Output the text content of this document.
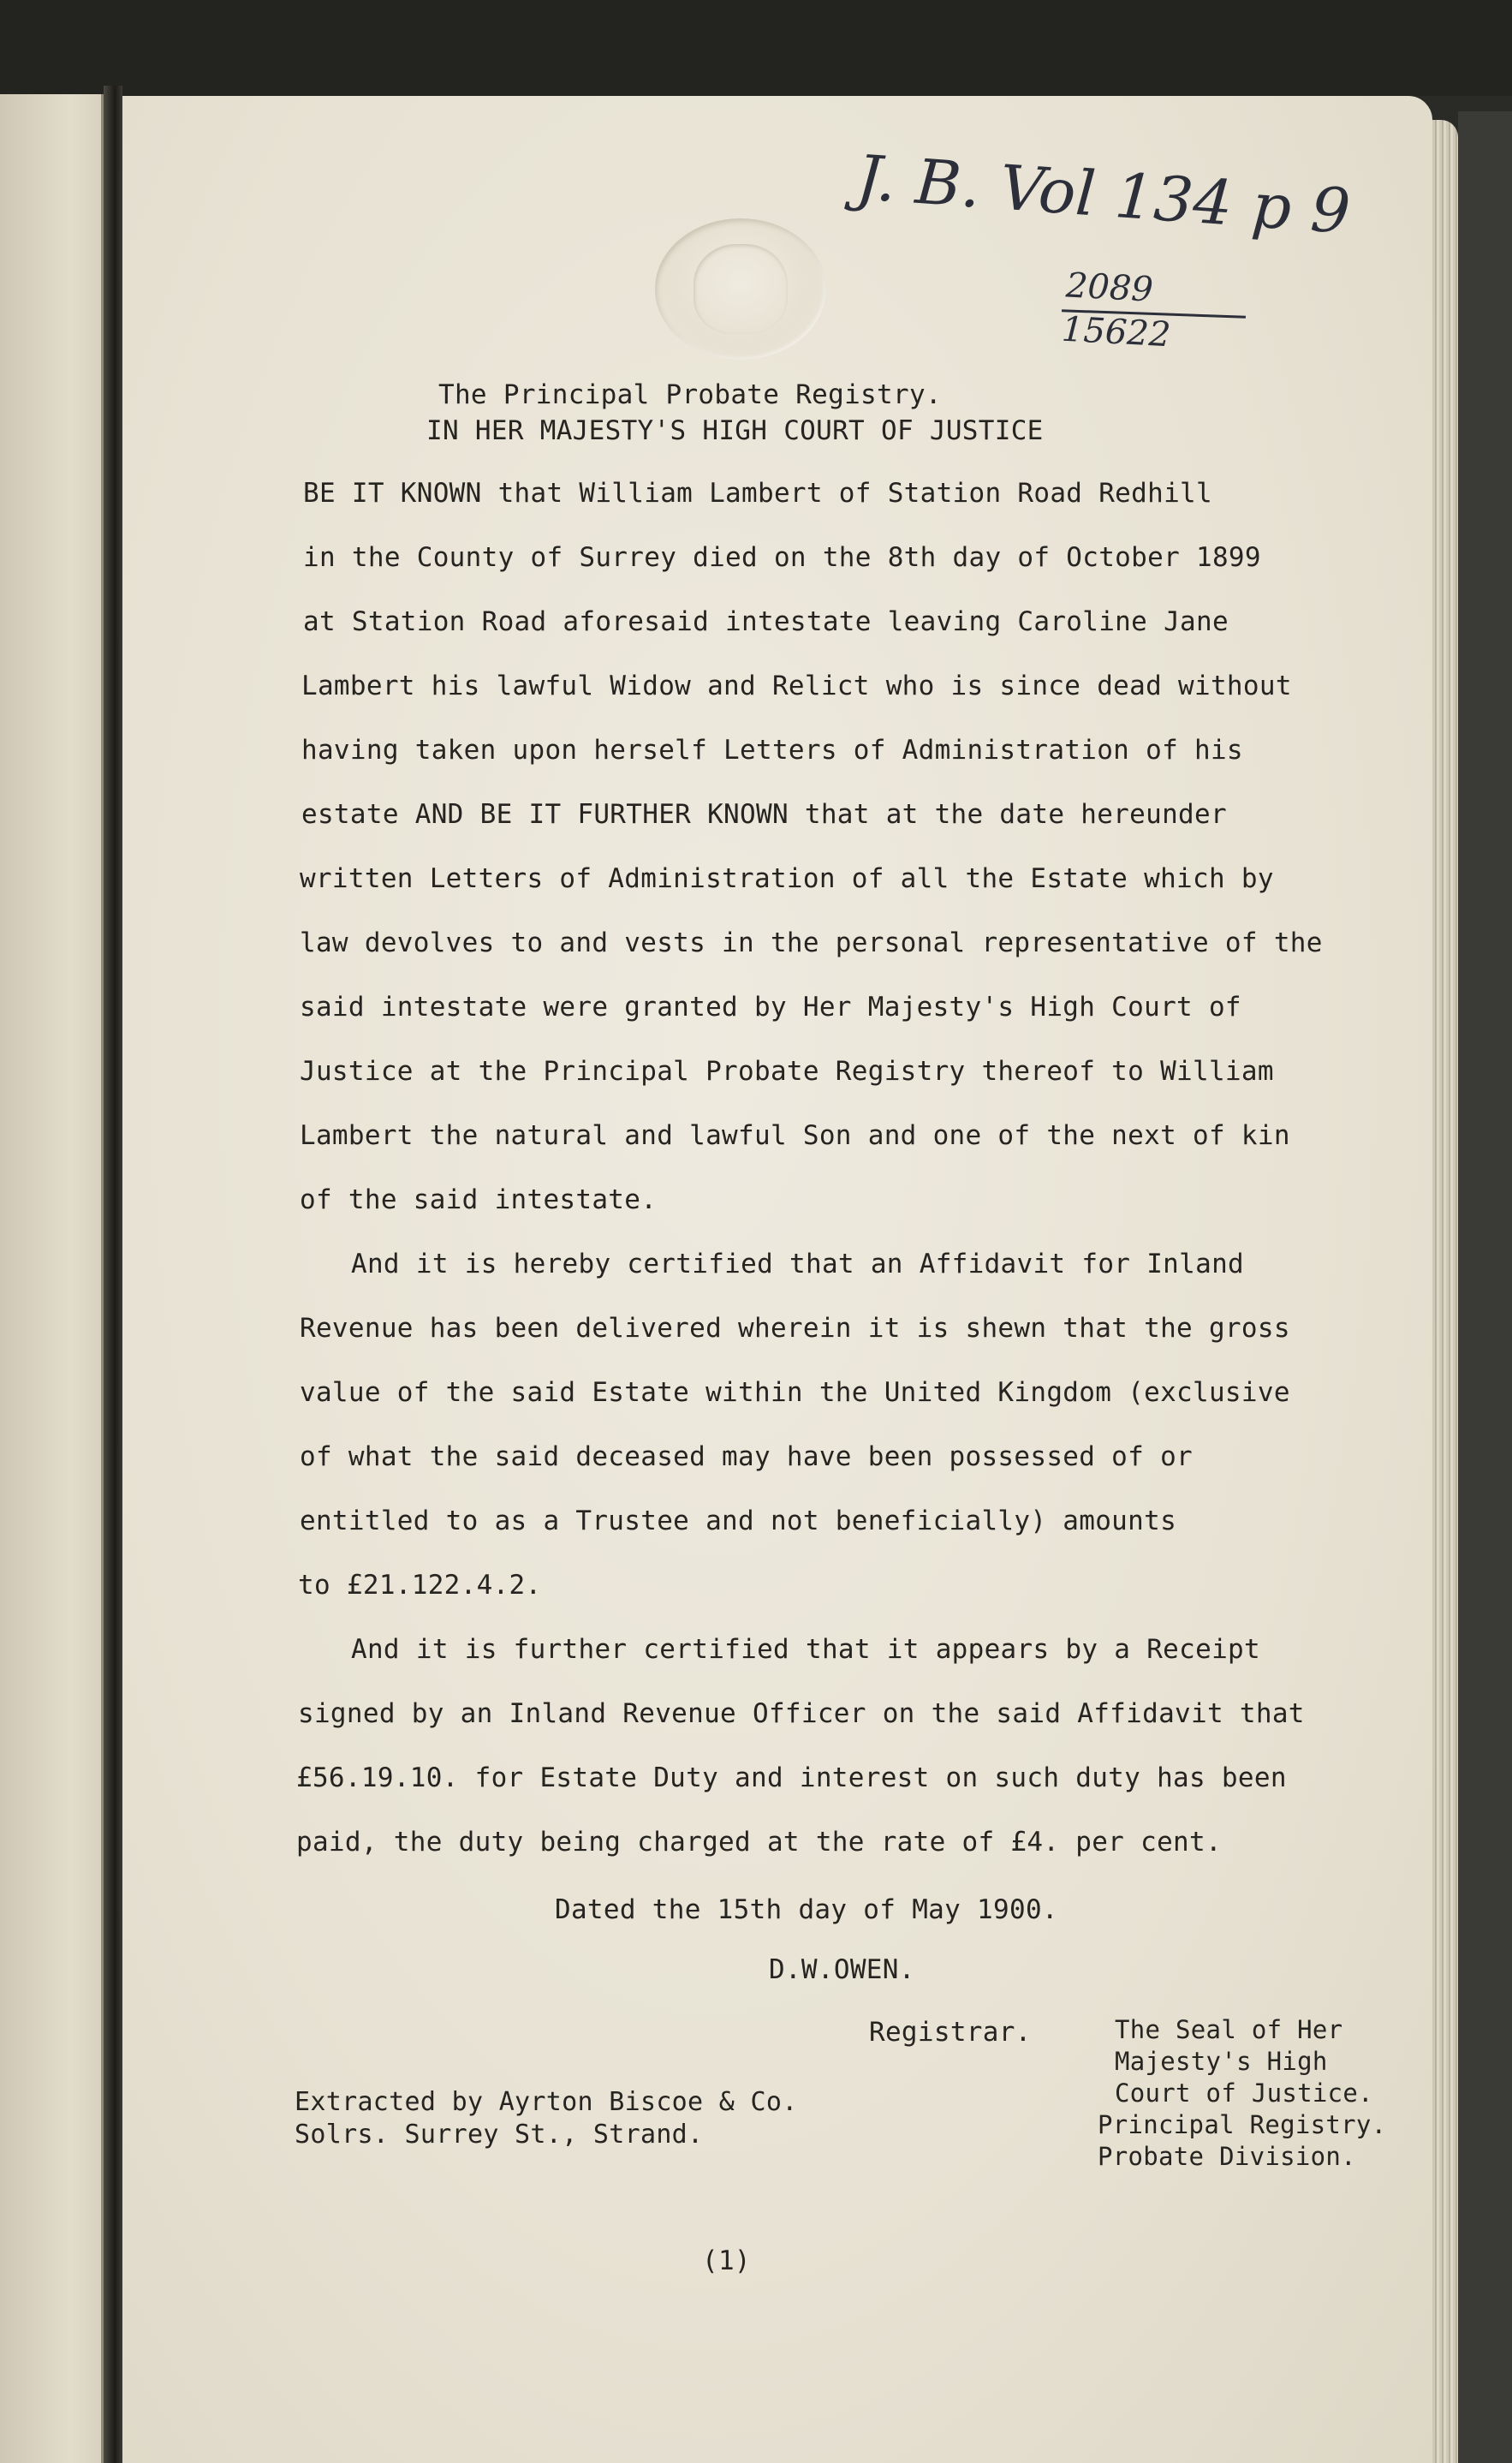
J. B. Vol 134 p 9
2089
15622

The Principal Probate Registry.

IN HER MAJESTY'S HIGH COURT OF JUSTICE

BE IT KNOWN that William Lambert of Station Road Redhill

in the County of Surrey died on the 8th day of October 1899

at Station Road aforesaid intestate leaving Caroline Jane

Lambert his lawful Widow and Relict who is since dead without

having taken upon herself Letters of Administration of his

estate AND BE IT FURTHER KNOWN that at the date hereunder

written Letters of Administration of all the Estate which by

law devolves to and vests in the personal representative of the

said intestate were granted by Her Majesty's High Court of

Justice at the Principal Probate Registry thereof to William

Lambert the natural and lawful Son and one of the next of kin

of the said intestate.

And it is hereby certified that an Affidavit for Inland

Revenue has been delivered wherein it is shewn that the gross

value of the said Estate within the United Kingdom (exclusive

of what the said deceased may have been possessed of or

entitled to as a Trustee and not beneficially) amounts

to £21.122.4.2.

And it is further certified that it appears by a Receipt

signed by an Inland Revenue Officer on the said Affidavit that

£56.19.10. for Estate Duty and interest on such duty has been

paid, the duty being charged at the rate of £4. per cent.

Dated the 15th day of May 1900.

D.W.OWEN.

Registrar.	The Seal of Her

Majesty's High

Court of Justice.

Principal Registry.

Probate Division.

Extracted by Ayrton Biscoe & Co.

Solrs. Surrey St., Strand.

(1)
